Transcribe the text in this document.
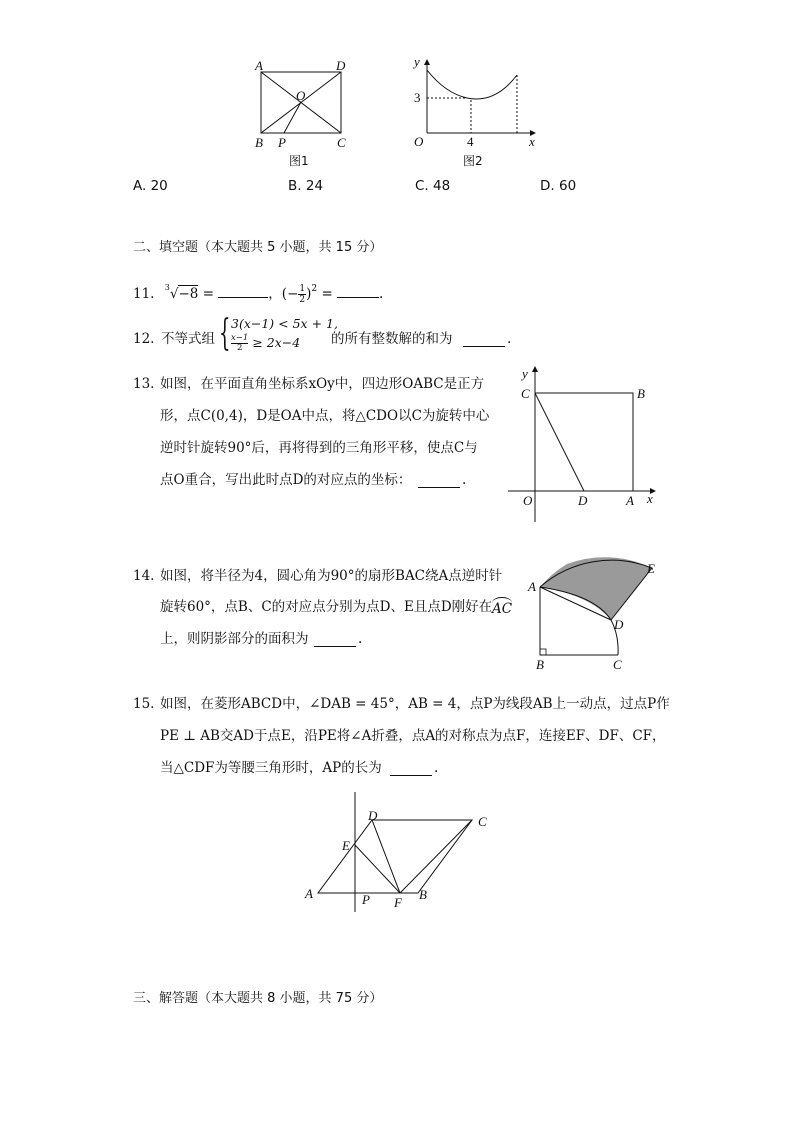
A	D
O
B P	C
图1
y
3
O	4	x
图2
A. 20	B. 24	C. 48	D. 60
二、填空题（本大题共 5 小题，共 15 分）
11. $^3$√−8 =	，(− $\frac{1}{2} )^2$ =	.
12. 不等式组 { 3(x−1) < 5x + 1,
$\frac{x-1}{2} \ge 2x-4$ 的所有整数解的和为	.
13. 如图，在平面直角坐标系xOy中，四边形OABC是正方
形，点C(0,4)，D是OA中点，将△CDO以C为旋转中心
逆时针旋转90°后，再将得到的三角形平移，使点C与
点O重合，写出此时点D的对应点的坐标：	.
y
C	B
O	D	A x
14. 如图，将半径为4，圆心角为90°的扇形BAC绕A点逆时针
旋转60°，点B、C的对应点分别为点D、E且点D刚好在 AC
上，则阴影部分的面积为	.
A
E
D
B	C
15. 如图，在菱形ABCD中，∠DAB = 45°，AB = 4，点P为线段AB上一动点，过点P作
PE ⊥ AB交AD于点E，沿PE将∠A折叠，点A的对称点为点F，连接EF、DF、CF，
当△CDF为等腰三角形时，AP的长为	.
D	C
E
A	P F
B
三、解答题（本大题共 8 小题，共 75 分）
